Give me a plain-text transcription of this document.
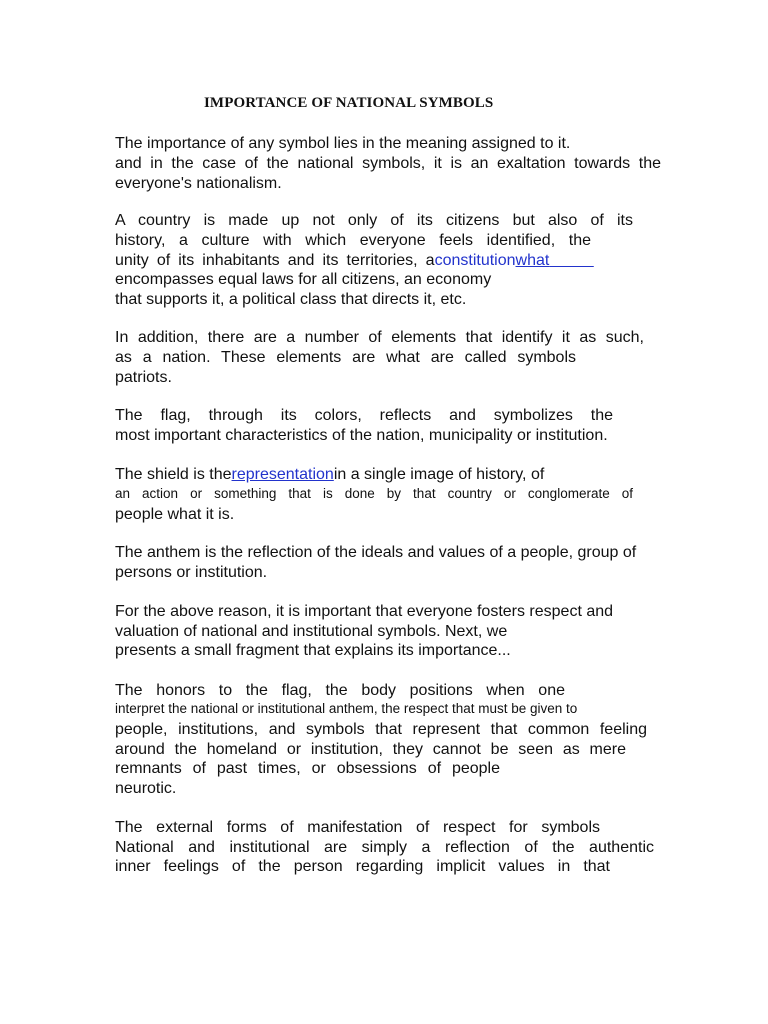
IMPORTANCE OF NATIONAL SYMBOLS
The importance of any symbol lies in the meaning assigned to it.
and in the case of the national symbols, it is an exaltation towards the
everyone's nationalism.
A country is made up not only of its citizens but also of its
history, a culture with which everyone feels identified, the
unity of its inhabitants and its territories, aconstitutionwhat
encompasses equal laws for all citizens, an economy
that supports it, a political class that directs it, etc.
In addition, there are a number of elements that identify it as such,
as a nation. These elements are what are called symbols
patriots.
The flag, through its colors, reflects and symbolizes the
most important characteristics of the nation, municipality or institution.
The shield is therepresentationin a single image of history, of
an action or something that is done by that country or conglomerate of
people what it is.
The anthem is the reflection of the ideals and values of a people, group of
persons or institution.
For the above reason, it is important that everyone fosters respect and
valuation of national and institutional symbols. Next, we
presents a small fragment that explains its importance...
The honors to the flag, the body positions when one
interpret the national or institutional anthem, the respect that must be given to
people, institutions, and symbols that represent that common feeling
around the homeland or institution, they cannot be seen as mere
remnants of past times, or obsessions of people
neurotic.
The external forms of manifestation of respect for symbols
National and institutional are simply a reflection of the authentic
inner feelings of the person regarding implicit values in that
